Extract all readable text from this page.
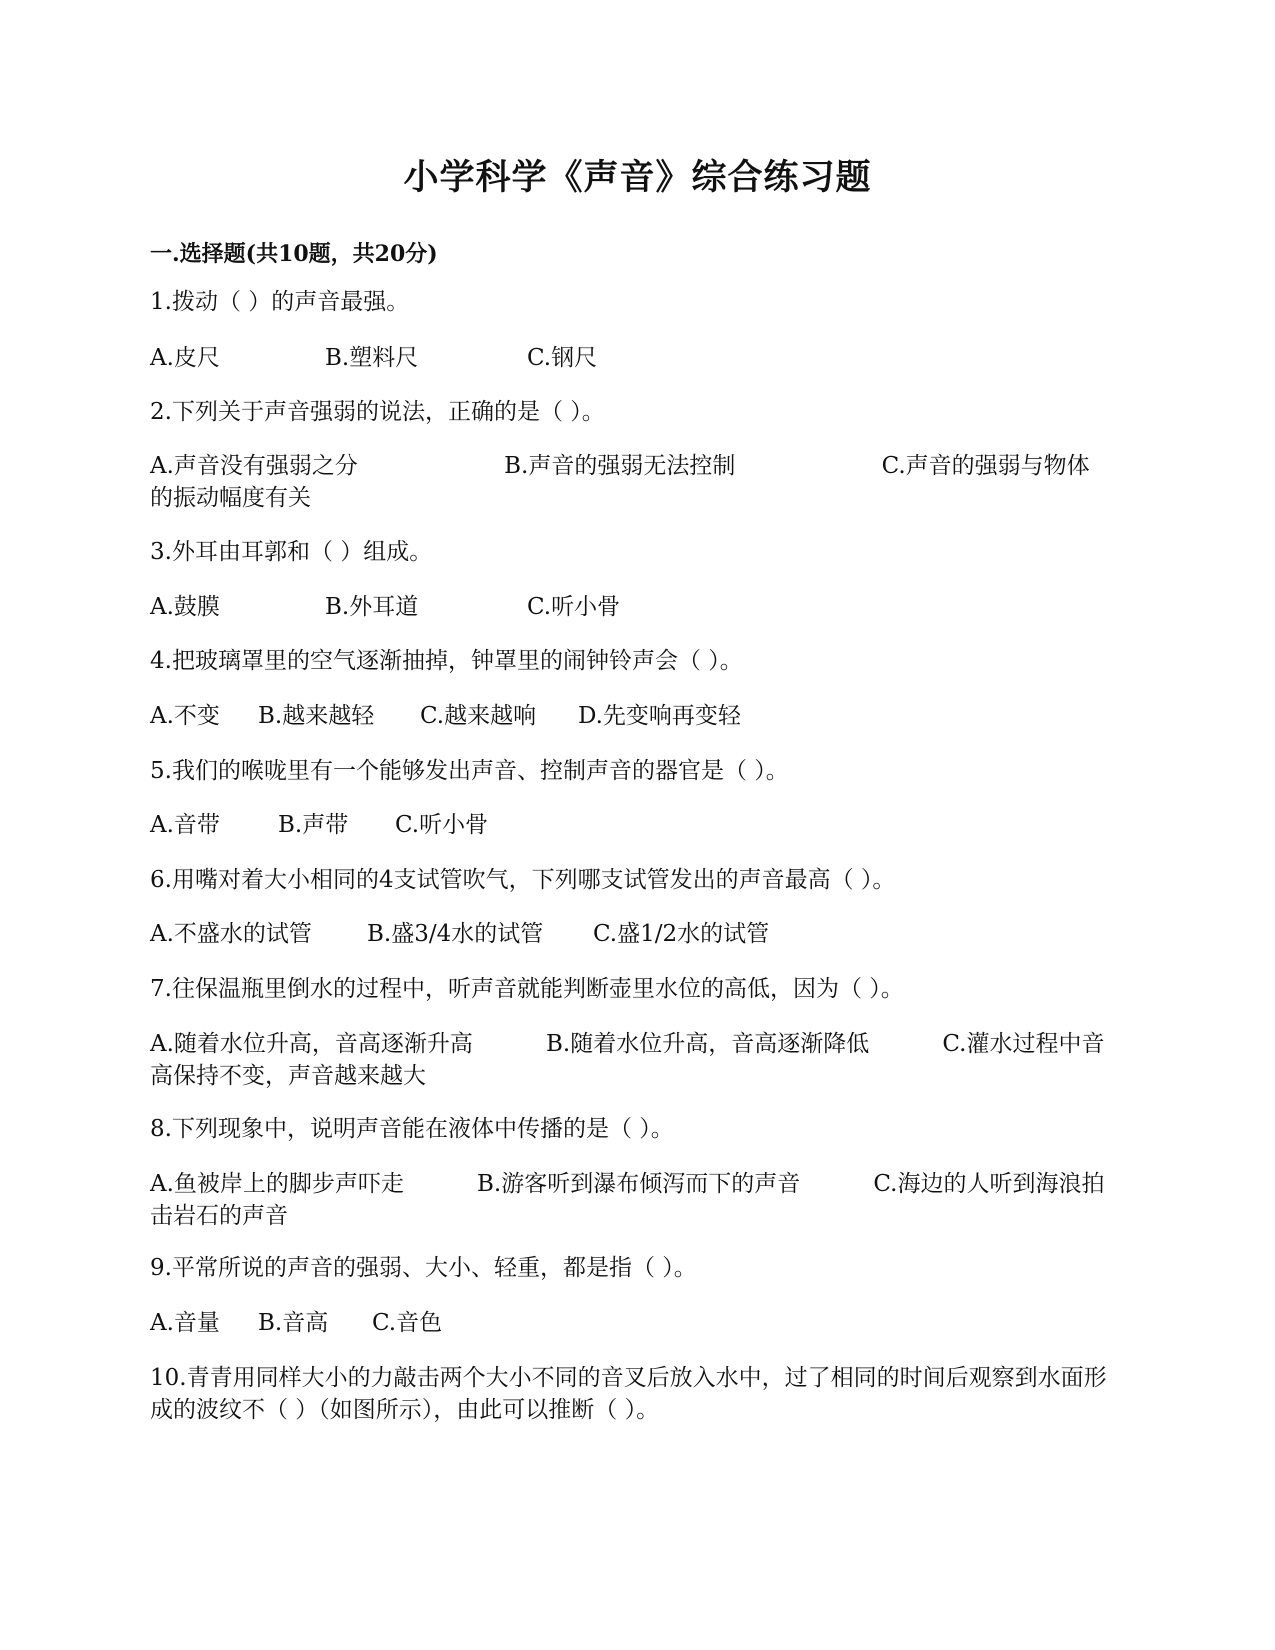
小学科学《声音》综合练习题
一.选择题(共10题，共20分)
1.拨动（ ）的声音最强。
A.皮尺	B.塑料尺	C.钢尺
2.下列关于声音强弱的说法，正确的是（ ）。
A.声音没有强弱之分                    B.声音的强弱无法控制                    C.声音的强弱与物体的振动幅度有关
3.外耳由耳郭和（ ）组成。
A.鼓膜	B.外耳道	C.听小骨
4.把玻璃罩里的空气逐渐抽掉，钟罩里的闹钟铃声会（ ）。
A.不变 B.越来越轻 C.越来越响 D.先变响再变轻
5.我们的喉咙里有一个能够发出声音、控制声音的器官是（ ）。
A.音带	B.声带 C.听小骨
6.用嘴对着大小相同的4支试管吹气，下列哪支试管发出的声音最高（ ）。
A.不盛水的试管 B.盛3/4水的试管 C.盛1/2水的试管
7.往保温瓶里倒水的过程中，听声音就能判断壶里水位的高低，因为（ ）。
A.随着水位升高，音高逐渐升高          B.随着水位升高，音高逐渐降低          C.灌水过程中音高保持不变，声音越来越大
8.下列现象中，说明声音能在液体中传播的是（ ）。
A.鱼被岸上的脚步声吓走          B.游客听到瀑布倾泻而下的声音          C.海边的人听到海浪拍击岩石的声音
9.平常所说的声音的强弱、大小、轻重，都是指（ ）。
A.音量 B.音高 C.音色
10.青青用同样大小的力敲击两个大小不同的音叉后放入水中，过了相同的时间后观察到水面形成的波纹不（ ）（如图所示），由此可以推断（ ）。
